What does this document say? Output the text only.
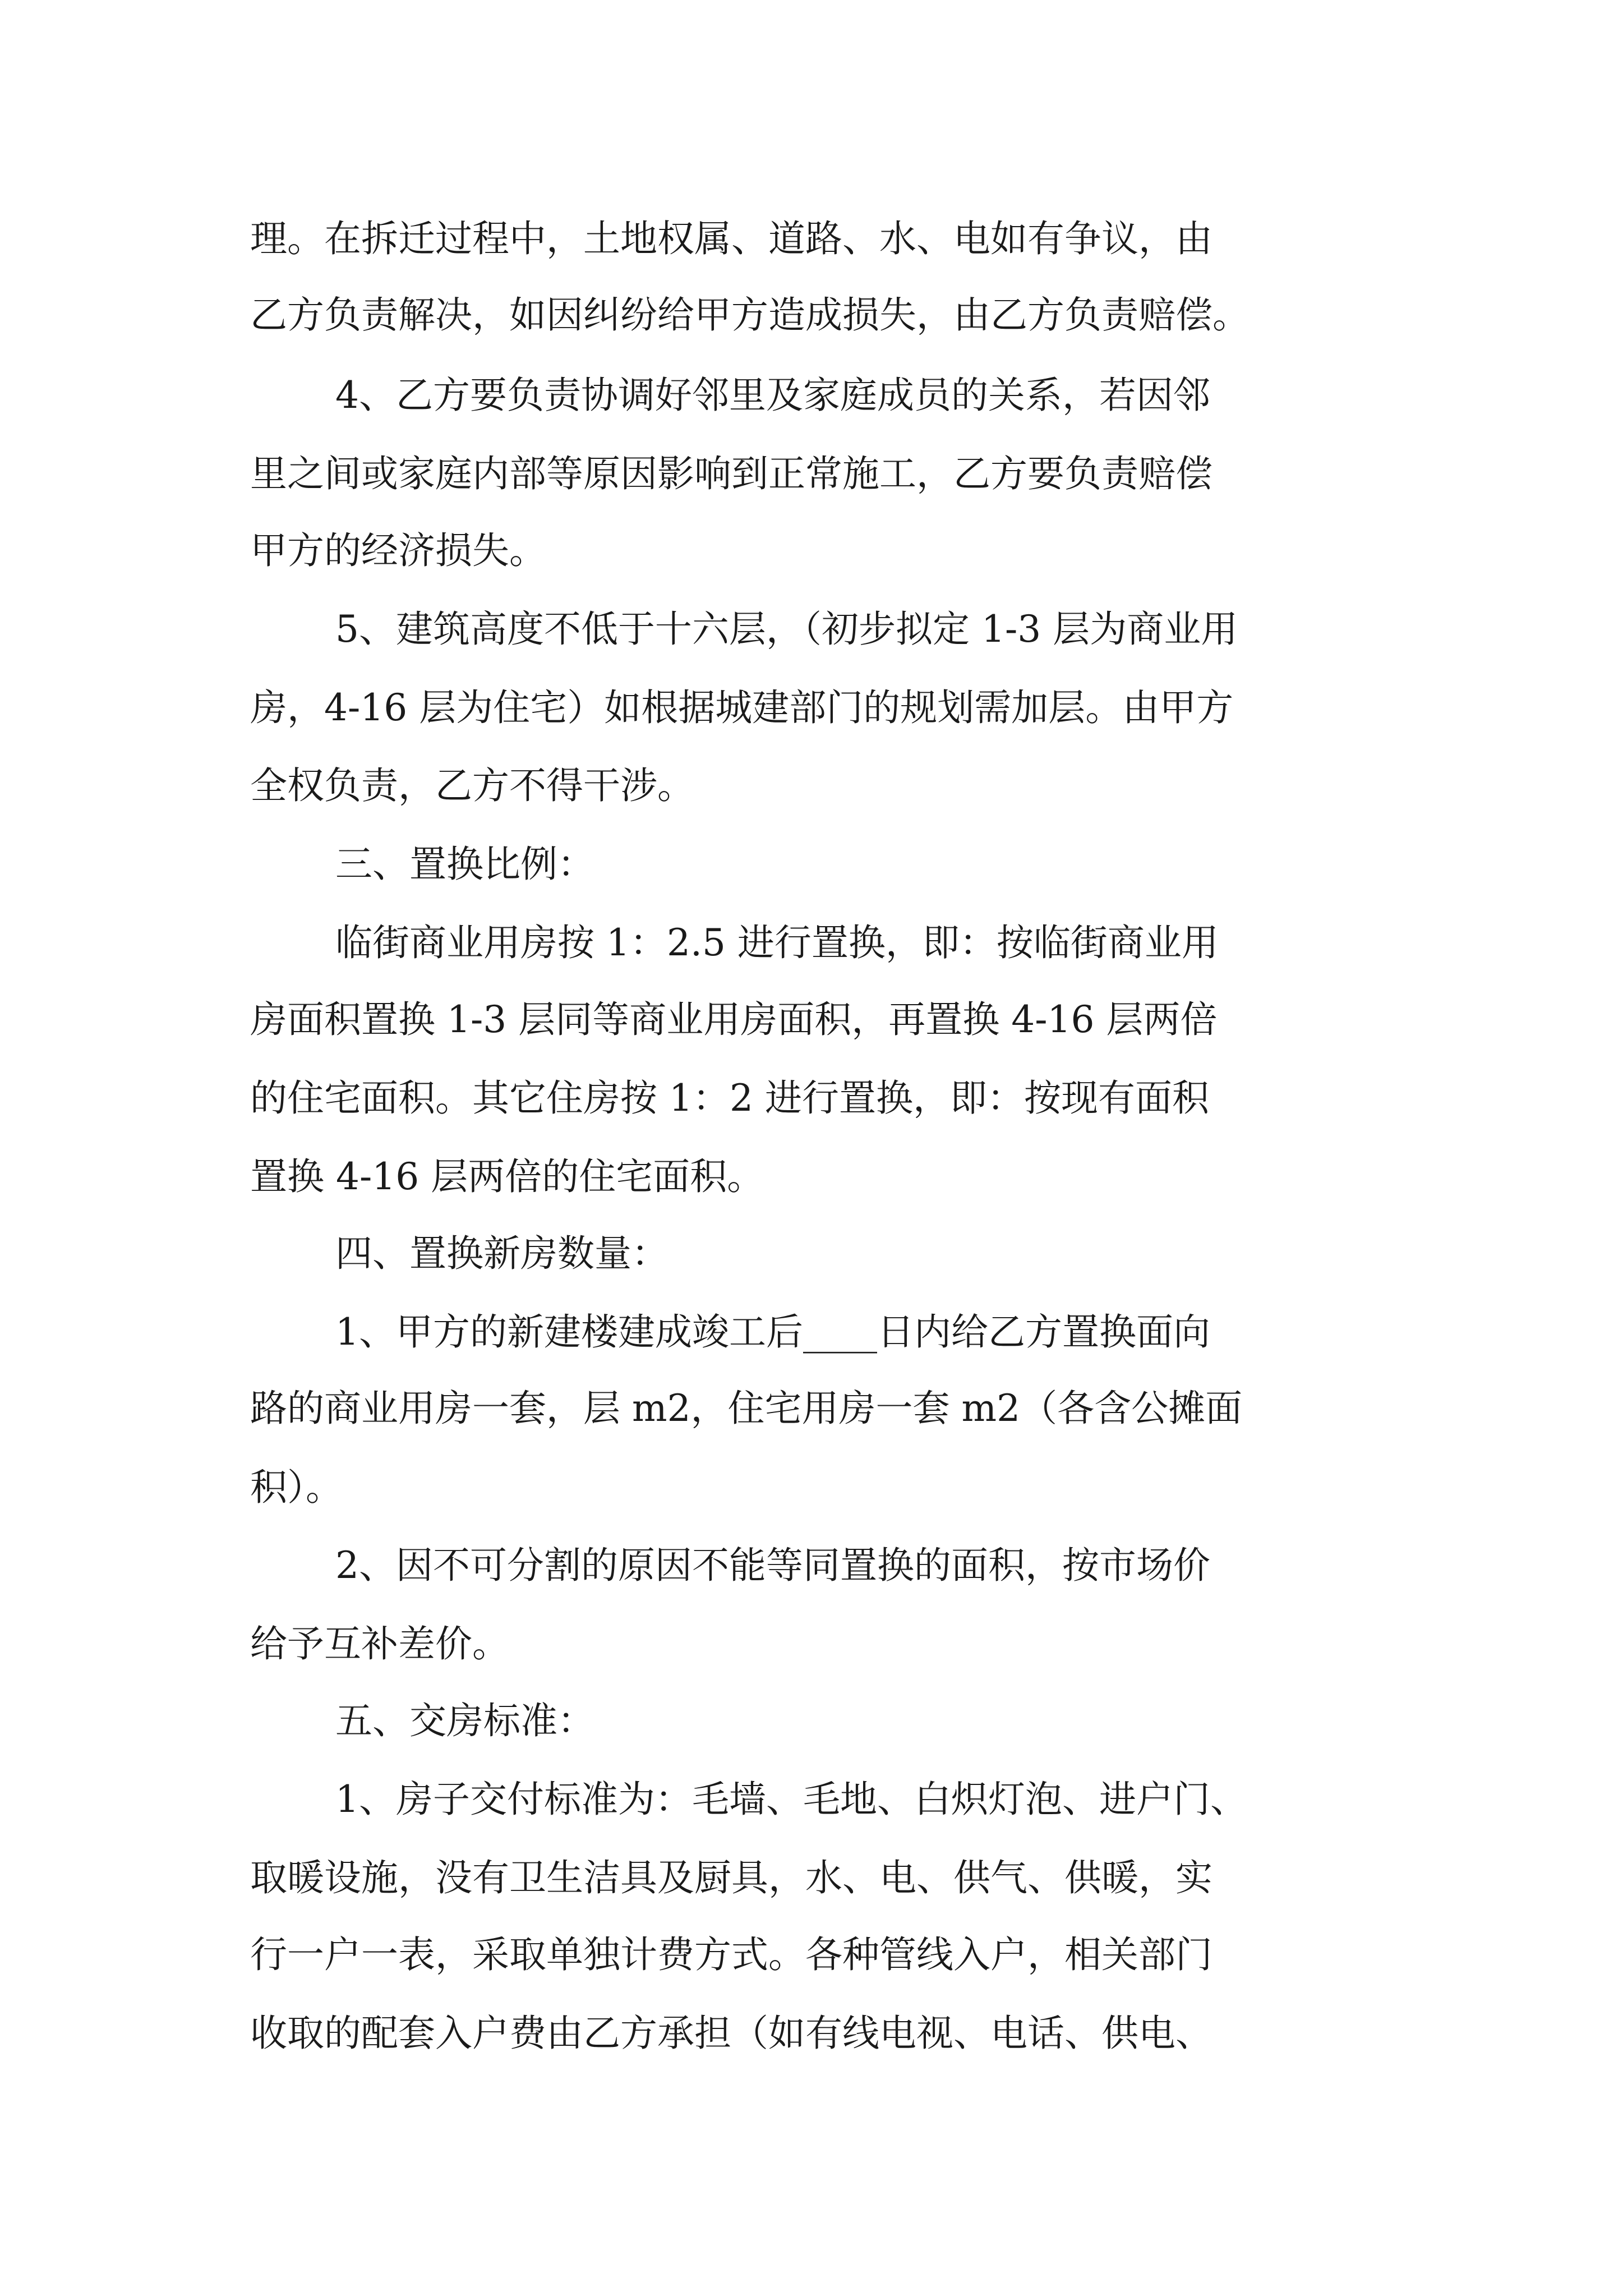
理。在拆迁过程中，土地权属、道路、水、电如有争议，由
乙方负责解决，如因纠纷给甲方造成损失，由乙方负责赔偿。
4、乙方要负责协调好邻里及家庭成员的关系，若因邻
里之间或家庭内部等原因影响到正常施工，乙方要负责赔偿
甲方的经济损失。
5、建筑高度不低于十六层，（初步拟定 1-3 层为商业用
房，4-16 层为住宅）如根据城建部门的规划需加层。由甲方
全权负责，乙方不得干涉。
三、置换比例：
临街商业用房按 1：2.5 进行置换，即：按临街商业用
房面积置换 1-3 层同等商业用房面积，再置换 4-16 层两倍
的住宅面积。其它住房按 1：2 进行置换，即：按现有面积
置换 4-16 层两倍的住宅面积。
四、置换新房数量：
1、甲方的新建楼建成竣工后____日内给乙方置换面向
路的商业用房一套，层 m2，住宅用房一套 m2（各含公摊面
积）。
2、因不可分割的原因不能等同置换的面积，按市场价
给予互补差价。
五、交房标准：
1、房子交付标准为：毛墙、毛地、白炽灯泡、进户门、
取暖设施，没有卫生洁具及厨具，水、电、供气、供暖，实
行一户一表，采取单独计费方式。各种管线入户，相关部门
收取的配套入户费由乙方承担（如有线电视、电话、供电、
